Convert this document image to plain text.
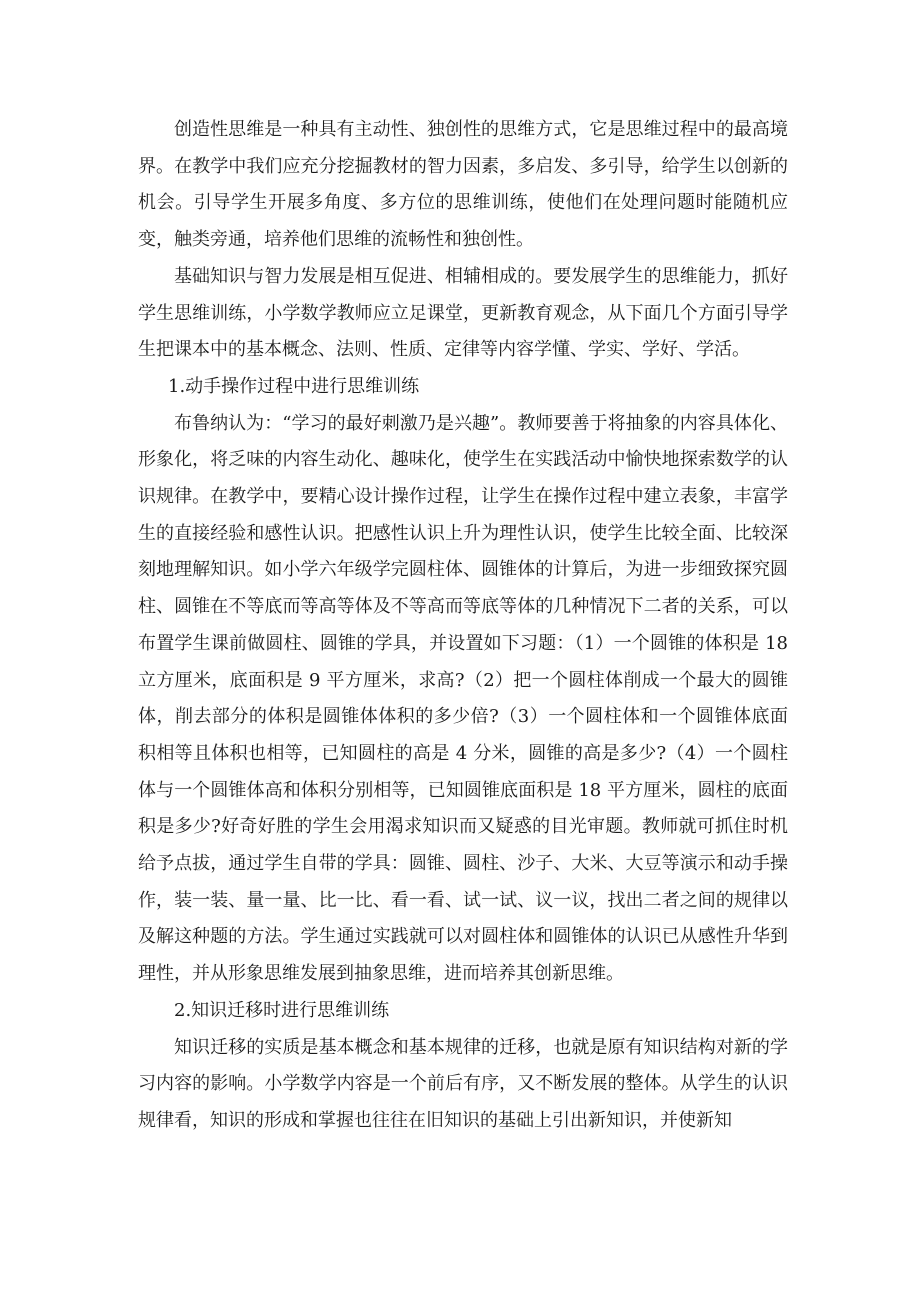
创造性思维是一种具有主动性、独创性的思维方式，它是思维过程中的最高境界。在教学中我们应充分挖掘教材的智力因素，多启发、多引导，给学生以创新的机会。引导学生开展多角度、多方位的思维训练，使他们在处理问题时能随机应变，触类旁通，培养他们思维的流畅性和独创性。

基础知识与智力发展是相互促进、相辅相成的。要发展学生的思维能力，抓好学生思维训练，小学数学教师应立足课堂，更新教育观念，从下面几个方面引导学生把课本中的基本概念、法则、性质、定律等内容学懂、学实、学好、学活。

1.动手操作过程中进行思维训练

布鲁纳认为：“学习的最好刺激乃是兴趣”。教师要善于将抽象的内容具体化、形象化，将乏味的内容生动化、趣味化，使学生在实践活动中愉快地探索数学的认识规律。在教学中，要精心设计操作过程，让学生在操作过程中建立表象，丰富学生的直接经验和感性认识。把感性认识上升为理性认识，使学生比较全面、比较深刻地理解知识。如小学六年级学完圆柱体、圆锥体的计算后，为进一步细致探究圆柱、圆锥在不等底而等高等体及不等高而等底等体的几种情况下二者的关系，可以布置学生课前做圆柱、圆锥的学具，并设置如下习题：（1）一个圆锥的体积是 18 立方厘米，底面积是 9 平方厘米，求高?（2）把一个圆柱体削成一个最大的圆锥体，削去部分的体积是圆锥体体积的多少倍?（3）一个圆柱体和一个圆锥体底面积相等且体积也相等，已知圆柱的高是 4 分米，圆锥的高是多少?（4）一个圆柱体与一个圆锥体高和体积分别相等，已知圆锥底面积是 18 平方厘米，圆柱的底面积是多少?好奇好胜的学生会用渴求知识而又疑惑的目光审题。教师就可抓住时机给予点拔，通过学生自带的学具：圆锥、圆柱、沙子、大米、大豆等演示和动手操作，装一装、量一量、比一比、看一看、试一试、议一议，找出二者之间的规律以及解这种题的方法。学生通过实践就可以对圆柱体和圆锥体的认识已从感性升华到理性，并从形象思维发展到抽象思维，进而培养其创新思维。

2.知识迁移时进行思维训练

知识迁移的实质是基本概念和基本规律的迁移，也就是原有知识结构对新的学习内容的影响。小学数学内容是一个前后有序，又不断发展的整体。从学生的认识规律看，知识的形成和掌握也往往在旧知识的基础上引出新知识，并使新知
